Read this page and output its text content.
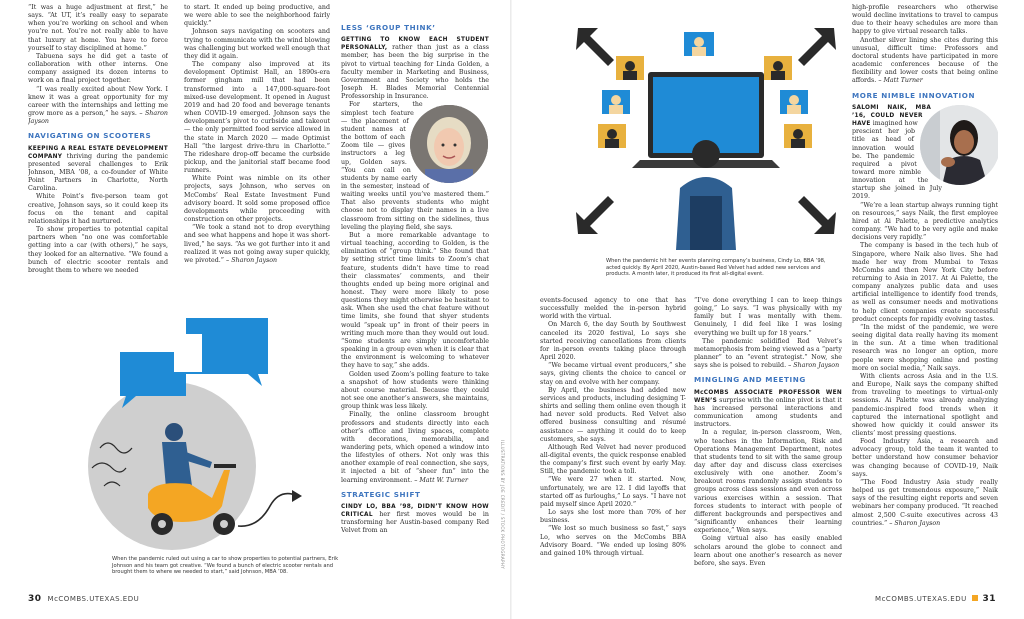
“It was a huge adjustment at first,” he says. “At UT, it’s really easy to separate when you’re working on school and when you’re not. You’re not really able to have that luxury at home. You have to force yourself to stay disciplined at home.”

Tabuena says he did get a taste of collaboration with other interns. One company assigned its dozen interns to work on a final project together.

“I was really excited about New York. I knew it was a great opportunity for my career with the internships and letting me grow more as a person,” he says. – Sharon Jayson

NAVIGATING ON SCOOTERS

KEEPING A REAL ESTATE DEVELOPMENT COMPANY thriving during the pandemic presented several challenges to Erik Johnson, MBA ’08, a co-founder of White Point Partners in Charlotte, North Carolina.

White Point’s five-person team got creative, Johnson says, so it could keep its focus on the tenant and capital relationships it had nurtured.

To show properties to potential capital partners when “no one was comfortable getting into a car (with others),” he says, they looked for an alternative. “We found a bunch of electric scooter rentals and brought them to where we needed

to start. It ended up being productive, and we were able to see the neighborhood fairly quickly.”

Johnson says navigating on scooters and trying to communicate with the wind blowing was challenging but worked well enough that they did it again.

The company also improved at its development Optimist Hall, an 1890s-era former gingham mill that had been transformed into a 147,000-square-foot mixed-use development. It opened in August 2019 and had 20 food and beverage tenants when COVID-19 emerged. Johnson says the development’s pivot to curbside and takeout — the only permitted food service allowed in the state in March 2020 — made Optimist Hall “the largest drive-thru in Charlotte.” The rideshare drop-off became the curbside pickup, and the janitorial staff became food runners.

White Point was nimble on its other projects, says Johnson, who serves on McCombs’ Real Estate Investment Fund advisory board. It sold some proposed office developments while proceeding with construction on other projects.

“We took a stand not to drop everything and see what happens and hope it was short-lived,” he says. “As we got further into it and realized it was not going away super quickly, we pivoted.” – Sharon Jayson

LESS ‘GROUP THINK’

GETTING TO KNOW EACH STUDENT PERSONALLY, rather than just as a class member, has been the big surprise in the pivot to virtual teaching for Linda Golden, a faculty member in Marketing and Business, Government and Society who holds the Joseph H. Blades Memorial Centennial Professorship in Insurance.

For starters, the simplest tech feature — the placement of student names at the bottom of each Zoom tile — gives instructors a leg up, Golden says. “You can call on students by name early in the semester, instead of waiting weeks until you’ve mastered them.” That also prevents students who might choose not to display their names in a live classroom from sitting on the sidelines, thus leveling the playing field, she says.

But a more remarkable advantage to virtual teaching, according to Golden, is the elimination of “group think.” She found that by setting strict time limits to Zoom’s chat feature, students didn’t have time to read their classmates’ comments, and their thoughts ended up being more original and honest. They were more likely to pose questions they might otherwise be hesitant to ask. When she used the chat feature without time limits, she found that shyer students would “speak up” in front of their peers in writing much more than they would out loud. “Some students are simply uncomfortable speaking in a group even when it is clear that the environment is welcoming to whatever they have to say,” she adds.

Golden used Zoom’s polling feature to take a snapshot of how students were thinking about course material. Because they could not see one another’s answers, she maintains, group think was less likely.

Finally, the online classroom brought professors and students directly into each other’s office and living spaces, complete with decorations, memorabilia, and wandering pets, which opened a window into the lifestyles of others. Not only was this another example of real connection, she says, it injected a bit of “sheer fun” into the learning environment. – Matt W. Turner

STRATEGIC SHIFT

CINDY LO, BBA ’98, DIDN’T KNOW HOW CRITICAL her first moves would be in transforming her Austin-based company Red Velvet from an

When the pandemic ruled out using a car to show properties to potential partners, Erik Johnson and his team got creative. “We found a bunch of electric scooter rentals and brought them to where we needed to start,” said Johnson, MBA ’08.
30 McCOMBS.UTEXAS.EDU
ILLUSTRATIONS BY JOE CREDIT / STOCK PHOTOGRAPHY
When the pandemic hit her events planning company’s business, Cindy Lo, BBA ’98, acted quickly. By April 2020, Austin-based Red Velvet had added new services and products. A month later, it produced its first all-digital event.

events-focused agency to one that has successfully melded the in-person hybrid world with the virtual.

On March 6, the day South by Southwest canceled its 2020 festival, Lo says she started receiving cancellations from clients for in-person events taking place through April 2020.

“We became virtual event producers,” she says, giving clients the choice to cancel or stay on and evolve with her company.

By April, the business had added new services and products, including designing T-shirts and selling them online even though it had never sold products. Red Velvet also offered business consulting and résumé assistance — anything it could do to keep customers, she says.

Although Red Velvet had never produced all-digital events, the quick response enabled the company’s first such event by early May. Still, the pandemic took a toll.

“We were 27 when it started. Now, unfortunately, we are 12. I did layoffs that started off as furloughs,” Lo says. “I have not paid myself since April 2020.”

Lo says she lost more than 70% of her business.

“We lost so much business so fast,” says Lo, who serves on the McCombs BBA Advisory Board. “We ended up losing 80% and gained 10% through virtual.

“I’ve done everything I can to keep things going,” Lo says. “I was physically with my family but I was mentally with them. Genuinely, I did feel like I was losing everything we built up for 18 years.”

The pandemic solidified Red Velvet’s metamorphosis from being viewed as a “party planner” to an “event strategist.” Now, she says she is poised to rebuild. – Sharon Jayson

MINGLING AND MEETING

McCOMBS ASSOCIATE PROFESSOR WEN WEN’S surprise with the online pivot is that it has increased personal interactions and communication among students and instructors.

In a regular, in-person classroom, Wen, who teaches in the Information, Risk and Operations Management Department, notes that students tend to sit with the same group day after day and discuss class exercises exclusively with one another. Zoom’s breakout rooms randomly assign students to groups across class sessions and even across various exercises within a session. That forces students to interact with people of different backgrounds and perspectives and “significantly enhances their learning experience,” Wen says.

Going virtual also has easily enabled scholars around the globe to connect and learn about one another’s research as never before, she says. Even

high-profile researchers who otherwise would decline invitations to travel to campus due to their heavy schedules are more than happy to give virtual research talks.

Another silver lining she cites during this unusual, difficult time: Professors and doctoral students have participated in more academic conferences because of the flexibility and lower costs that being online affords. – Matt Turner

MORE NIMBLE INNOVATION

SALOMI NAIK, MBA ’16, COULD NEVER HAVE imagined how prescient her job title as head of innovation would be. The pandemic required a pivot toward more nimble innovation at the startup she joined in July 2019.

“We’re a lean startup always running tight on resources,” says Naik, the first employee hired at Ai Palette, a predictive analytics company. “We had to be very agile and make decisions very rapidly.”

The company is based in the tech hub of Singapore, where Naik also lives. She had made her way from Mumbai to Texas McCombs and then New York City before returning to Asia in 2017. At Ai Palette, the company analyzes public data and uses artificial intelligence to identify food trends, as well as consumer needs and motivations to help client companies create successful product concepts for rapidly evolving tastes.

“In the midst of the pandemic, we were seeing digital data really having its moment in the sun. At a time when traditional research was no longer an option, more people were shopping online and posting more on social media,” Naik says.

With clients across Asia and in the U.S. and Europe, Naik says the company shifted from traveling to meetings to virtual-only sessions. Ai Palette was already analyzing pandemic-inspired food trends when it captured the international spotlight and showed how quickly it could answer its clients’ most pressing questions.

Food Industry Asia, a research and advocacy group, told the team it wanted to better understand how consumer behavior was changing because of COVID-19, Naik says.

“The Food Industry Asia study really helped us get tremendous exposure,” Naik says of the resulting eight reports and seven webinars her company produced. “It reached almost 2,500 C-suite executives across 43 countries.” – Sharon Jayson

McCOMBS.UTEXAS.EDU 31
